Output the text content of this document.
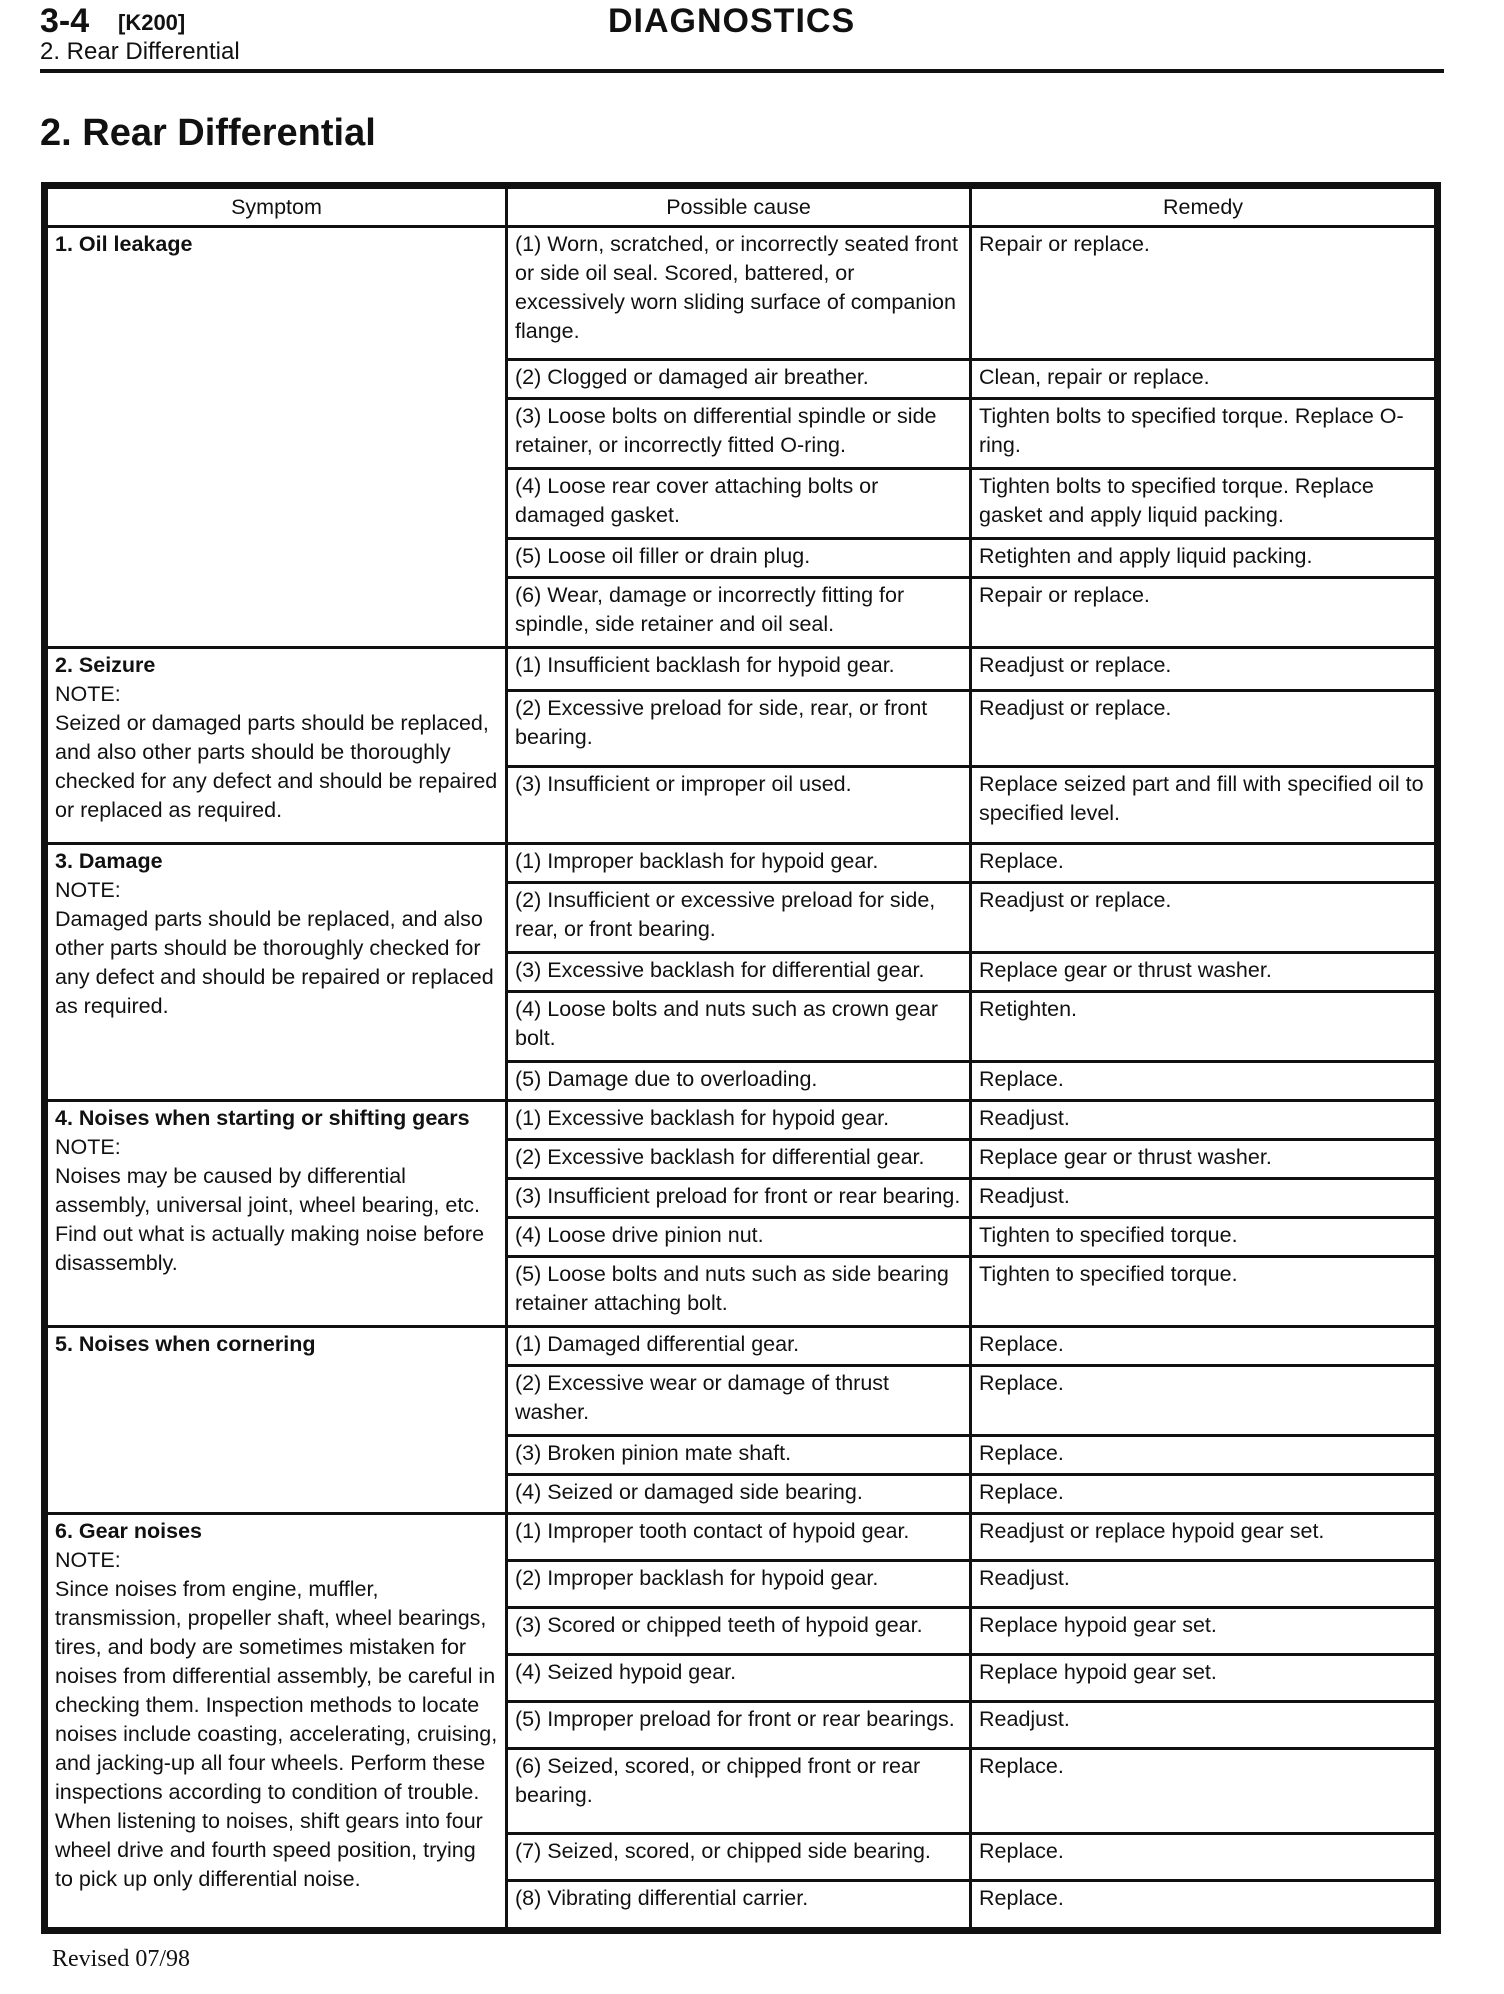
3-4 [K200]	DIAGNOSTICS
2. Rear Differential
2. Rear Differential
Symptom	Possible cause	Remedy

1. Oil leakage	(1) Worn, scratched, or incorrectly seated front or side oil seal. Scored, battered, or excessively worn sliding surface of companion flange.	Repair or replace.
	(2) Clogged or damaged air breather.	Clean, repair or replace.
	(3) Loose bolts on differential spindle or side retainer, or incorrectly fitted O-ring.	Tighten bolts to specified torque. Replace O-ring.
	(4) Loose rear cover attaching bolts or damaged gasket.	Tighten bolts to specified torque. Replace gasket and apply liquid packing.
	(5) Loose oil filler or drain plug.	Retighten and apply liquid packing.
	(6) Wear, damage or incorrectly fitting for spindle, side retainer and oil seal.	Repair or replace.

2. Seizure
NOTE:
Seized or damaged parts should be replaced, and also other parts should be thoroughly checked for any defect and should be repaired or replaced as required.	(1) Insufficient backlash for hypoid gear.	Readjust or replace.
	(2) Excessive preload for side, rear, or front bearing.	Readjust or replace.
	(3) Insufficient or improper oil used.	Replace seized part and fill with specified oil to specified level.

3. Damage
NOTE:
Damaged parts should be replaced, and also other parts should be thoroughly checked for any defect and should be repaired or replaced as required.	(1) Improper backlash for hypoid gear.	Replace.
	(2) Insufficient or excessive preload for side, rear, or front bearing.	Readjust or replace.
	(3) Excessive backlash for differential gear.	Replace gear or thrust washer.
	(4) Loose bolts and nuts such as crown gear bolt.	Retighten.
	(5) Damage due to overloading.	Replace.

4. Noises when starting or shifting gears
NOTE:
Noises may be caused by differential assembly, universal joint, wheel bearing, etc. Find out what is actually making noise before disassembly.	(1) Excessive backlash for hypoid gear.	Readjust.
	(2) Excessive backlash for differential gear.	Replace gear or thrust washer.
	(3) Insufficient preload for front or rear bearing.	Readjust.
	(4) Loose drive pinion nut.	Tighten to specified torque.
	(5) Loose bolts and nuts such as side bearing retainer attaching bolt.	Tighten to specified torque.

5. Noises when cornering	(1) Damaged differential gear.	Replace.
	(2) Excessive wear or damage of thrust washer.	Replace.
	(3) Broken pinion mate shaft.	Replace.
	(4) Seized or damaged side bearing.	Replace.

6. Gear noises
NOTE:
Since noises from engine, muffler, transmission, propeller shaft, wheel bearings, tires, and body are sometimes mistaken for noises from differential assembly, be careful in checking them. Inspection methods to locate noises include coasting, accelerating, cruising, and jacking-up all four wheels. Perform these inspections according to condition of trouble. When listening to noises, shift gears into four wheel drive and fourth speed position, trying to pick up only differential noise.	(1) Improper tooth contact of hypoid gear.	Readjust or replace hypoid gear set.
	(2) Improper backlash for hypoid gear.	Readjust.
	(3) Scored or chipped teeth of hypoid gear.	Replace hypoid gear set.
	(4) Seized hypoid gear.	Replace hypoid gear set.
	(5) Improper preload for front or rear bearings.	Readjust.
	(6) Seized, scored, or chipped front or rear bearing.	Replace.
	(7) Seized, scored, or chipped side bearing.	Replace.
	(8) Vibrating differential carrier.	Replace.
Revised 07/98
